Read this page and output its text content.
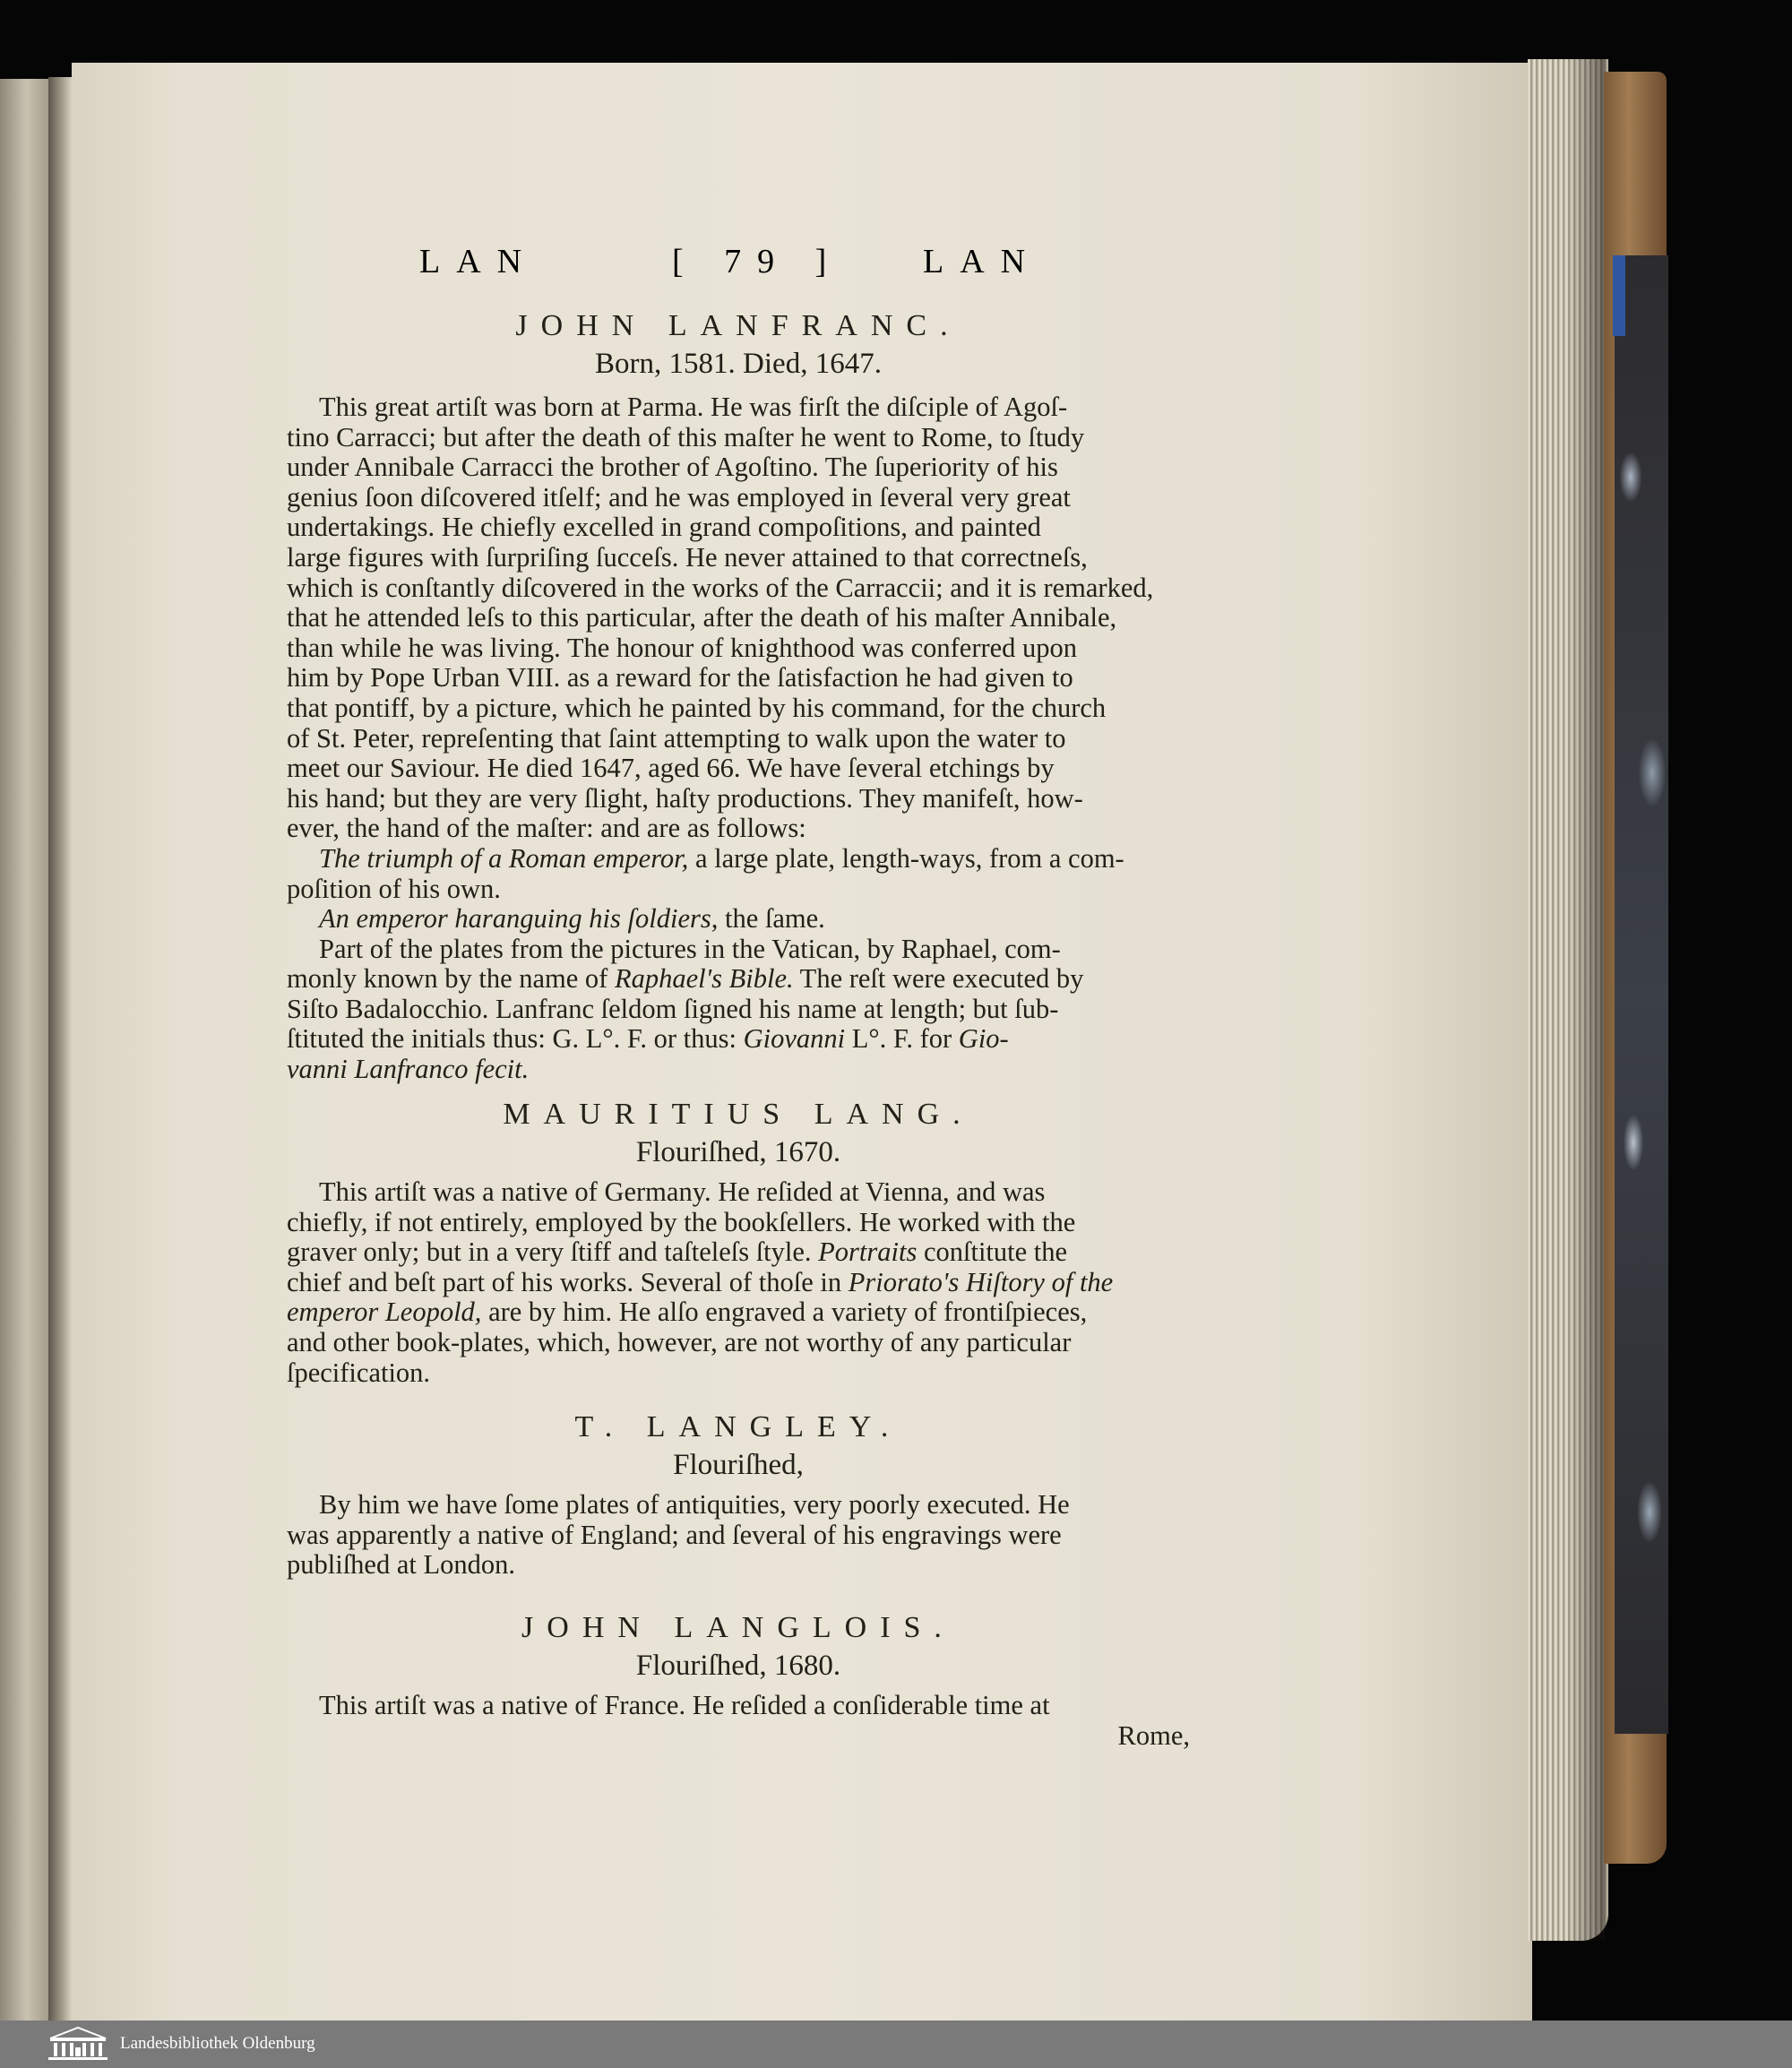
LAN	[ 79 ] LAN
JOHN LANFRANC.
Born, 1581. Died, 1647.
This great artiſt was born at Parma. He was firſt the diſciple of Agoſ-
tino Carracci; but after the death of this maſter he went to Rome, to ſtudy
under Annibale Carracci the brother of Agoſtino. The ſuperiority of his
genius ſoon diſcovered itſelf; and he was employed in ſeveral very great
undertakings. He chiefly excelled in grand compoſitions, and painted
large figures with ſurpriſing ſucceſs. He never attained to that correctneſs,
which is conſtantly diſcovered in the works of the Carraccii; and it is remarked,
that he attended leſs to this particular, after the death of his maſter Annibale,
than while he was living. The honour of knighthood was conferred upon
him by Pope Urban VIII. as a reward for the ſatisfaction he had given to
that pontiff, by a picture, which he painted by his command, for the church
of St. Peter, repreſenting that ſaint attempting to walk upon the water to
meet our Saviour. He died 1647, aged 66. We have ſeveral etchings by
his hand; but they are very ſlight, haſty productions. They manifeſt, how-
ever, the hand of the maſter: and are as follows:
The triumph of a Roman emperor, a large plate, length-ways, from a com-
poſition of his own.
An emperor haranguing his ſoldiers, the ſame.
Part of the plates from the pictures in the Vatican, by Raphael, com-
monly known by the name of Raphael's Bible. The reſt were executed by
Siſto Badalocchio. Lanfranc ſeldom ſigned his name at length; but ſub-
ſtituted the initials thus: G. L°. F. or thus: Giovanni L°. F. for Gio-
vanni Lanfranco fecit.
MAURITIUS LANG.
Flouriſhed, 1670.
This artiſt was a native of Germany. He reſided at Vienna, and was
chiefly, if not entirely, employed by the bookſellers. He worked with the
graver only; but in a very ſtiff and taſteleſs ſtyle. Portraits conſtitute the
chief and beſt part of his works. Several of thoſe in Priorato's Hiſtory of the
emperor Leopold, are by him. He alſo engraved a variety of frontiſpieces,
and other book-plates, which, however, are not worthy of any particular
ſpecification.
T. LANGLEY.
Flouriſhed,
By him we have ſome plates of antiquities, very poorly executed. He
was apparently a native of England; and ſeveral of his engravings were
publiſhed at London.
JOHN LANGLOIS.
Flouriſhed, 1680.
This artiſt was a native of France. He reſided a conſiderable time at
Rome,
Landesbibliothek Oldenburg
